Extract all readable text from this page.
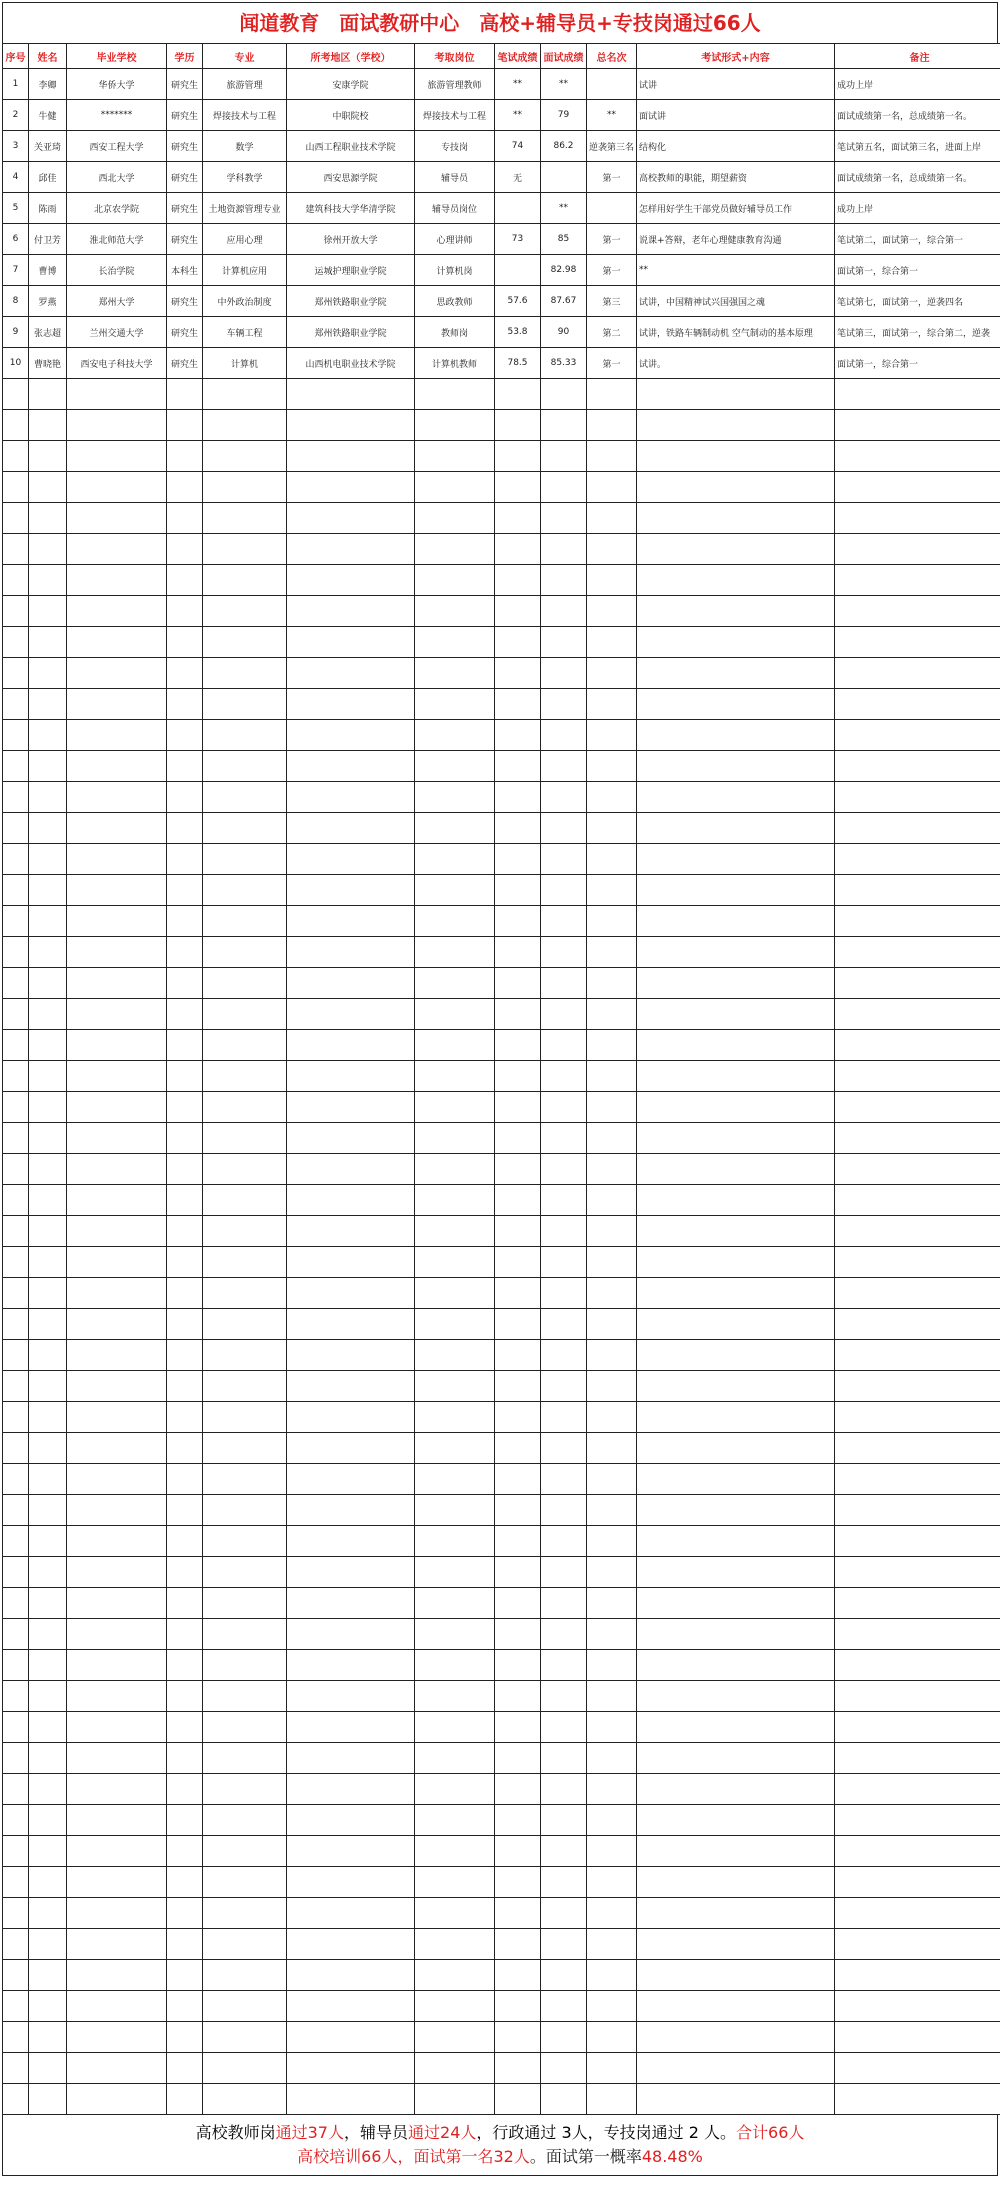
闻道教育　面试教研中心　高校+辅导员+专技岗通过66人
序号	姓名	毕业学校	学历	专业	所考地区（学校）	考取岗位	笔试成绩	面试成绩	总名次	考试形式+内容	备注
1	李卿	华侨大学	研究生	旅游管理	安康学院	旅游管理教师	**	**		试讲	成功上岸
2	牛健	*******	研究生	焊接技术与工程	中职院校	焊接技术与工程	**	79	**	面试讲	面试成绩第一名，总成绩第一名。
3	关亚琦	西安工程大学	研究生	数学	山西工程职业技术学院	专技岗	74	86.2	逆袭第三名	结构化	笔试第五名，面试第三名，进面上岸
4	邱佳	西北大学	研究生	学科教学	西安思源学院	辅导员	无		第一	高校教师的职能，期望薪资	面试成绩第一名，总成绩第一名。
5	陈雨	北京农学院	研究生	土地资源管理专业	建筑科技大学华清学院	辅导员岗位		**		怎样用好学生干部党员做好辅导员工作	成功上岸
6	付卫芳	淮北师范大学	研究生	应用心理	徐州开放大学	心理讲师	73	85	第一	说课+答辩，老年心理健康教育沟通	笔试第二，面试第一，综合第一
7	曹博	长治学院	本科生	计算机应用	运城护理职业学院	计算机岗		82.98	第一	**	面试第一，综合第一
8	罗燕	郑州大学	研究生	中外政治制度	郑州铁路职业学院	思政教师	57.6	87.67	第三	试讲，中国精神试兴国强国之魂	笔试第七，面试第一，逆袭四名
9	张志超	兰州交通大学	研究生	车辆工程	郑州铁路职业学院	教师岗	53.8	90	第二	试讲，铁路车辆制动机 空气制动的基本原理	笔试第三，面试第一，综合第二，逆袭
10	曹晓艳	西安电子科技大学	研究生	计算机	山西机电职业技术学院	计算机教师	78.5	85.33	第一	试讲。	面试第一，综合第一

高校教师岗通过37人，辅导员通过24人，行政通过 3人，专技岗通过 2 人。合计66人
高校培训66人，面试第一名32人。面试第一概率48.48%
